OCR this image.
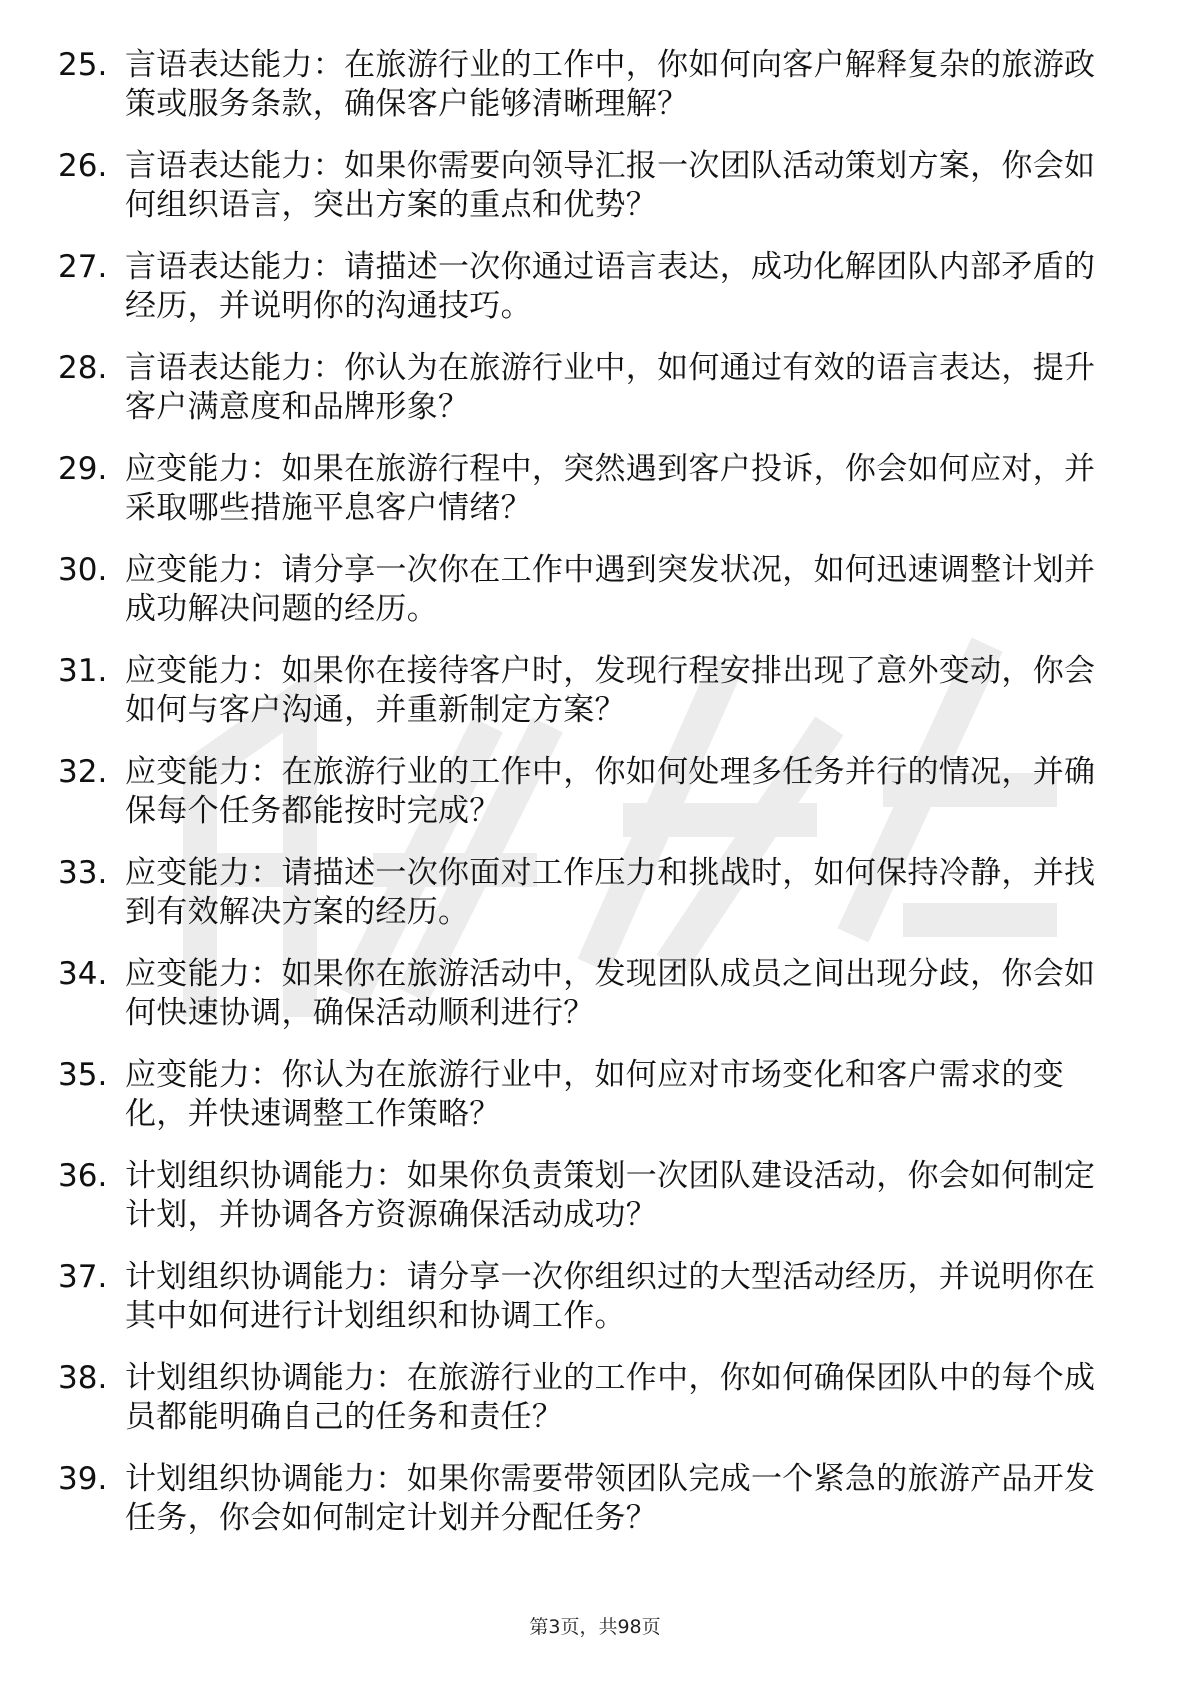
25. 言语表达能力：在旅游行业的工作中，你如何向客户解释复杂的旅游政策或服务条款，确保客户能够清晰理解？
26. 言语表达能力：如果你需要向领导汇报一次团队活动策划方案，你会如何组织语言，突出方案的重点和优势？
27. 言语表达能力：请描述一次你通过语言表达，成功化解团队内部矛盾的经历，并说明你的沟通技巧。
28. 言语表达能力：你认为在旅游行业中，如何通过有效的语言表达，提升客户满意度和品牌形象？
29. 应变能力：如果在旅游行程中，突然遇到客户投诉，你会如何应对，并采取哪些措施平息客户情绪？
30. 应变能力：请分享一次你在工作中遇到突发状况，如何迅速调整计划并成功解决问题的经历。
31. 应变能力：如果你在接待客户时，发现行程安排出现了意外变动，你会如何与客户沟通，并重新制定方案？
32. 应变能力：在旅游行业的工作中，你如何处理多任务并行的情况，并确保每个任务都能按时完成？
33. 应变能力：请描述一次你面对工作压力和挑战时，如何保持冷静，并找到有效解决方案的经历。
34. 应变能力：如果你在旅游活动中，发现团队成员之间出现分歧，你会如何快速协调，确保活动顺利进行？
35. 应变能力：你认为在旅游行业中，如何应对市场变化和客户需求的变化，并快速调整工作策略？
36. 计划组织协调能力：如果你负责策划一次团队建设活动，你会如何制定计划，并协调各方资源确保活动成功？
37. 计划组织协调能力：请分享一次你组织过的大型活动经历，并说明你在其中如何进行计划组织和协调工作。
38. 计划组织协调能力：在旅游行业的工作中，你如何确保团队中的每个成员都能明确自己的任务和责任？
39. 计划组织协调能力：如果你需要带领团队完成一个紧急的旅游产品开发任务，你会如何制定计划并分配任务？
第3页，共98页
